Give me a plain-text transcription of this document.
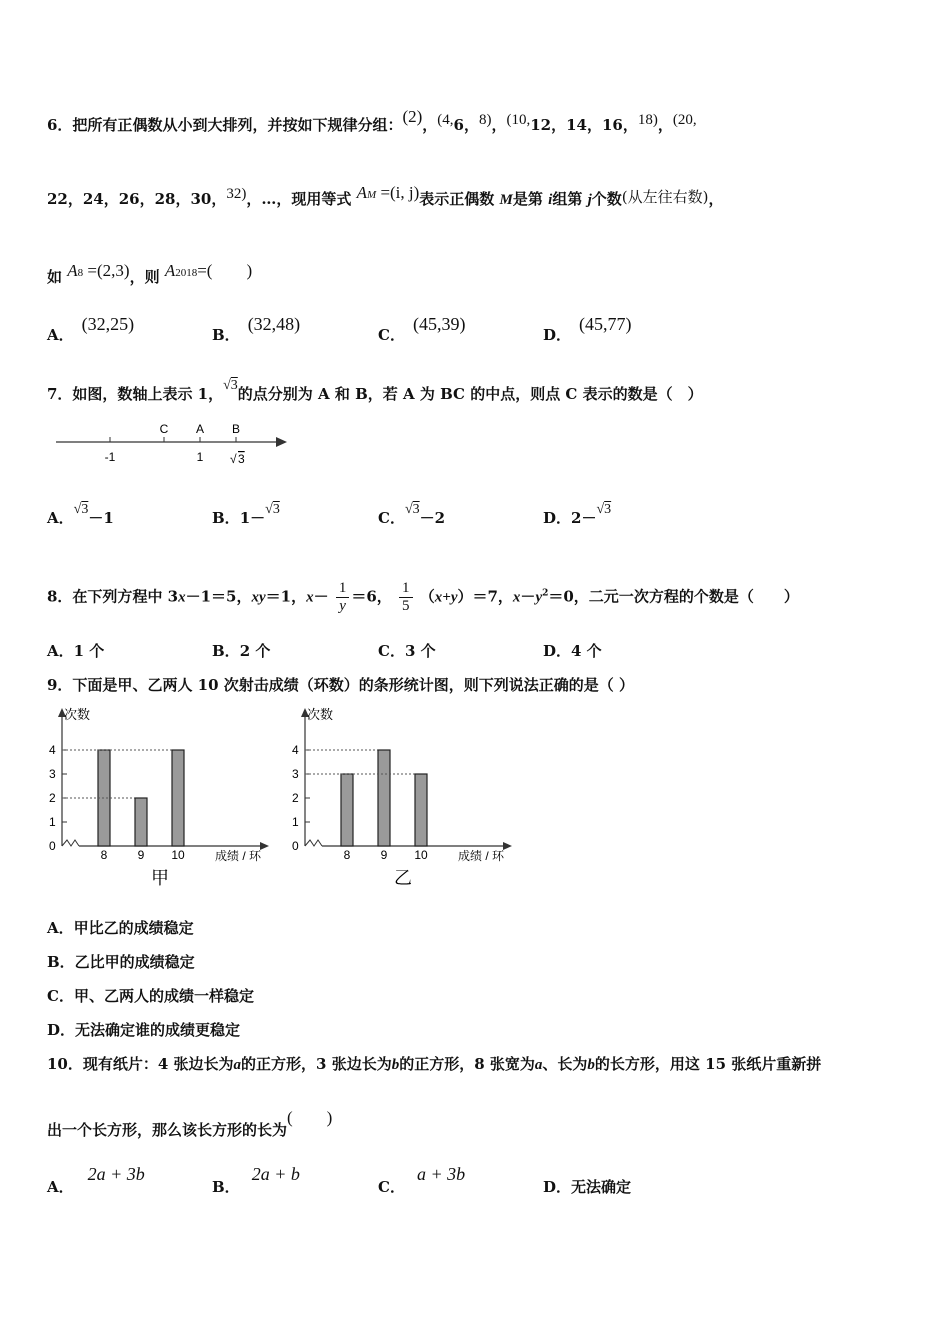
6．把所有正偶数从小到大排列，并按如下规律分组：(2)，(4,6，8)，(10,12，14，16，18)，(20,
22，24，26，28，30，32)，…，现用等式 AM =(i, j)表示正偶数 M是第 i组第 j个数(从左往右数)，
如 A8 =(2,3)，则 A2018=(　　)
A．(32,25)
B．(32,48)
C．(45,39)
D．(45,77)
7．如图，数轴上表示 1，√3的点分别为 A 和 B，若 A 为 BC 的中点，则点 C 表示的数是（　）
C A B
-1	1 √ 3
A．√3－1	B．1－√3	C．√3－2	D．2－√3
8．在下列方程中 3x－1＝5，xy＝1，$x- \frac{1}{y} =6$， $\frac{1}{5} (x+y)=7$，$x-y^2=0$，二元一次方程的个数是（　　）
A．1 个	B．2 个	C．3 个	D．4 个
9．下面是甲、乙两人 10 次射击成绩（环数）的条形统计图，则下列说法正确的是（ ）
次数
0
1
2
3
4
8	9 10	成绩 / 环
甲
次数
0
1
2
3
4
8	9 10	成绩 / 环
乙
A．甲比乙的成绩稳定
B．乙比甲的成绩稳定
C．甲、乙两人的成绩一样稳定
D．无法确定谁的成绩更稳定
10．现有纸片：4 张边长为a的正方形，3 张边长为b的正方形，8 张宽为a、长为b的长方形，用这 15 张纸片重新拼
出一个长方形，那么该长方形的长为(　　)
A．2a + 3b
B．2a + b
C．a + 3b
D．无法确定
